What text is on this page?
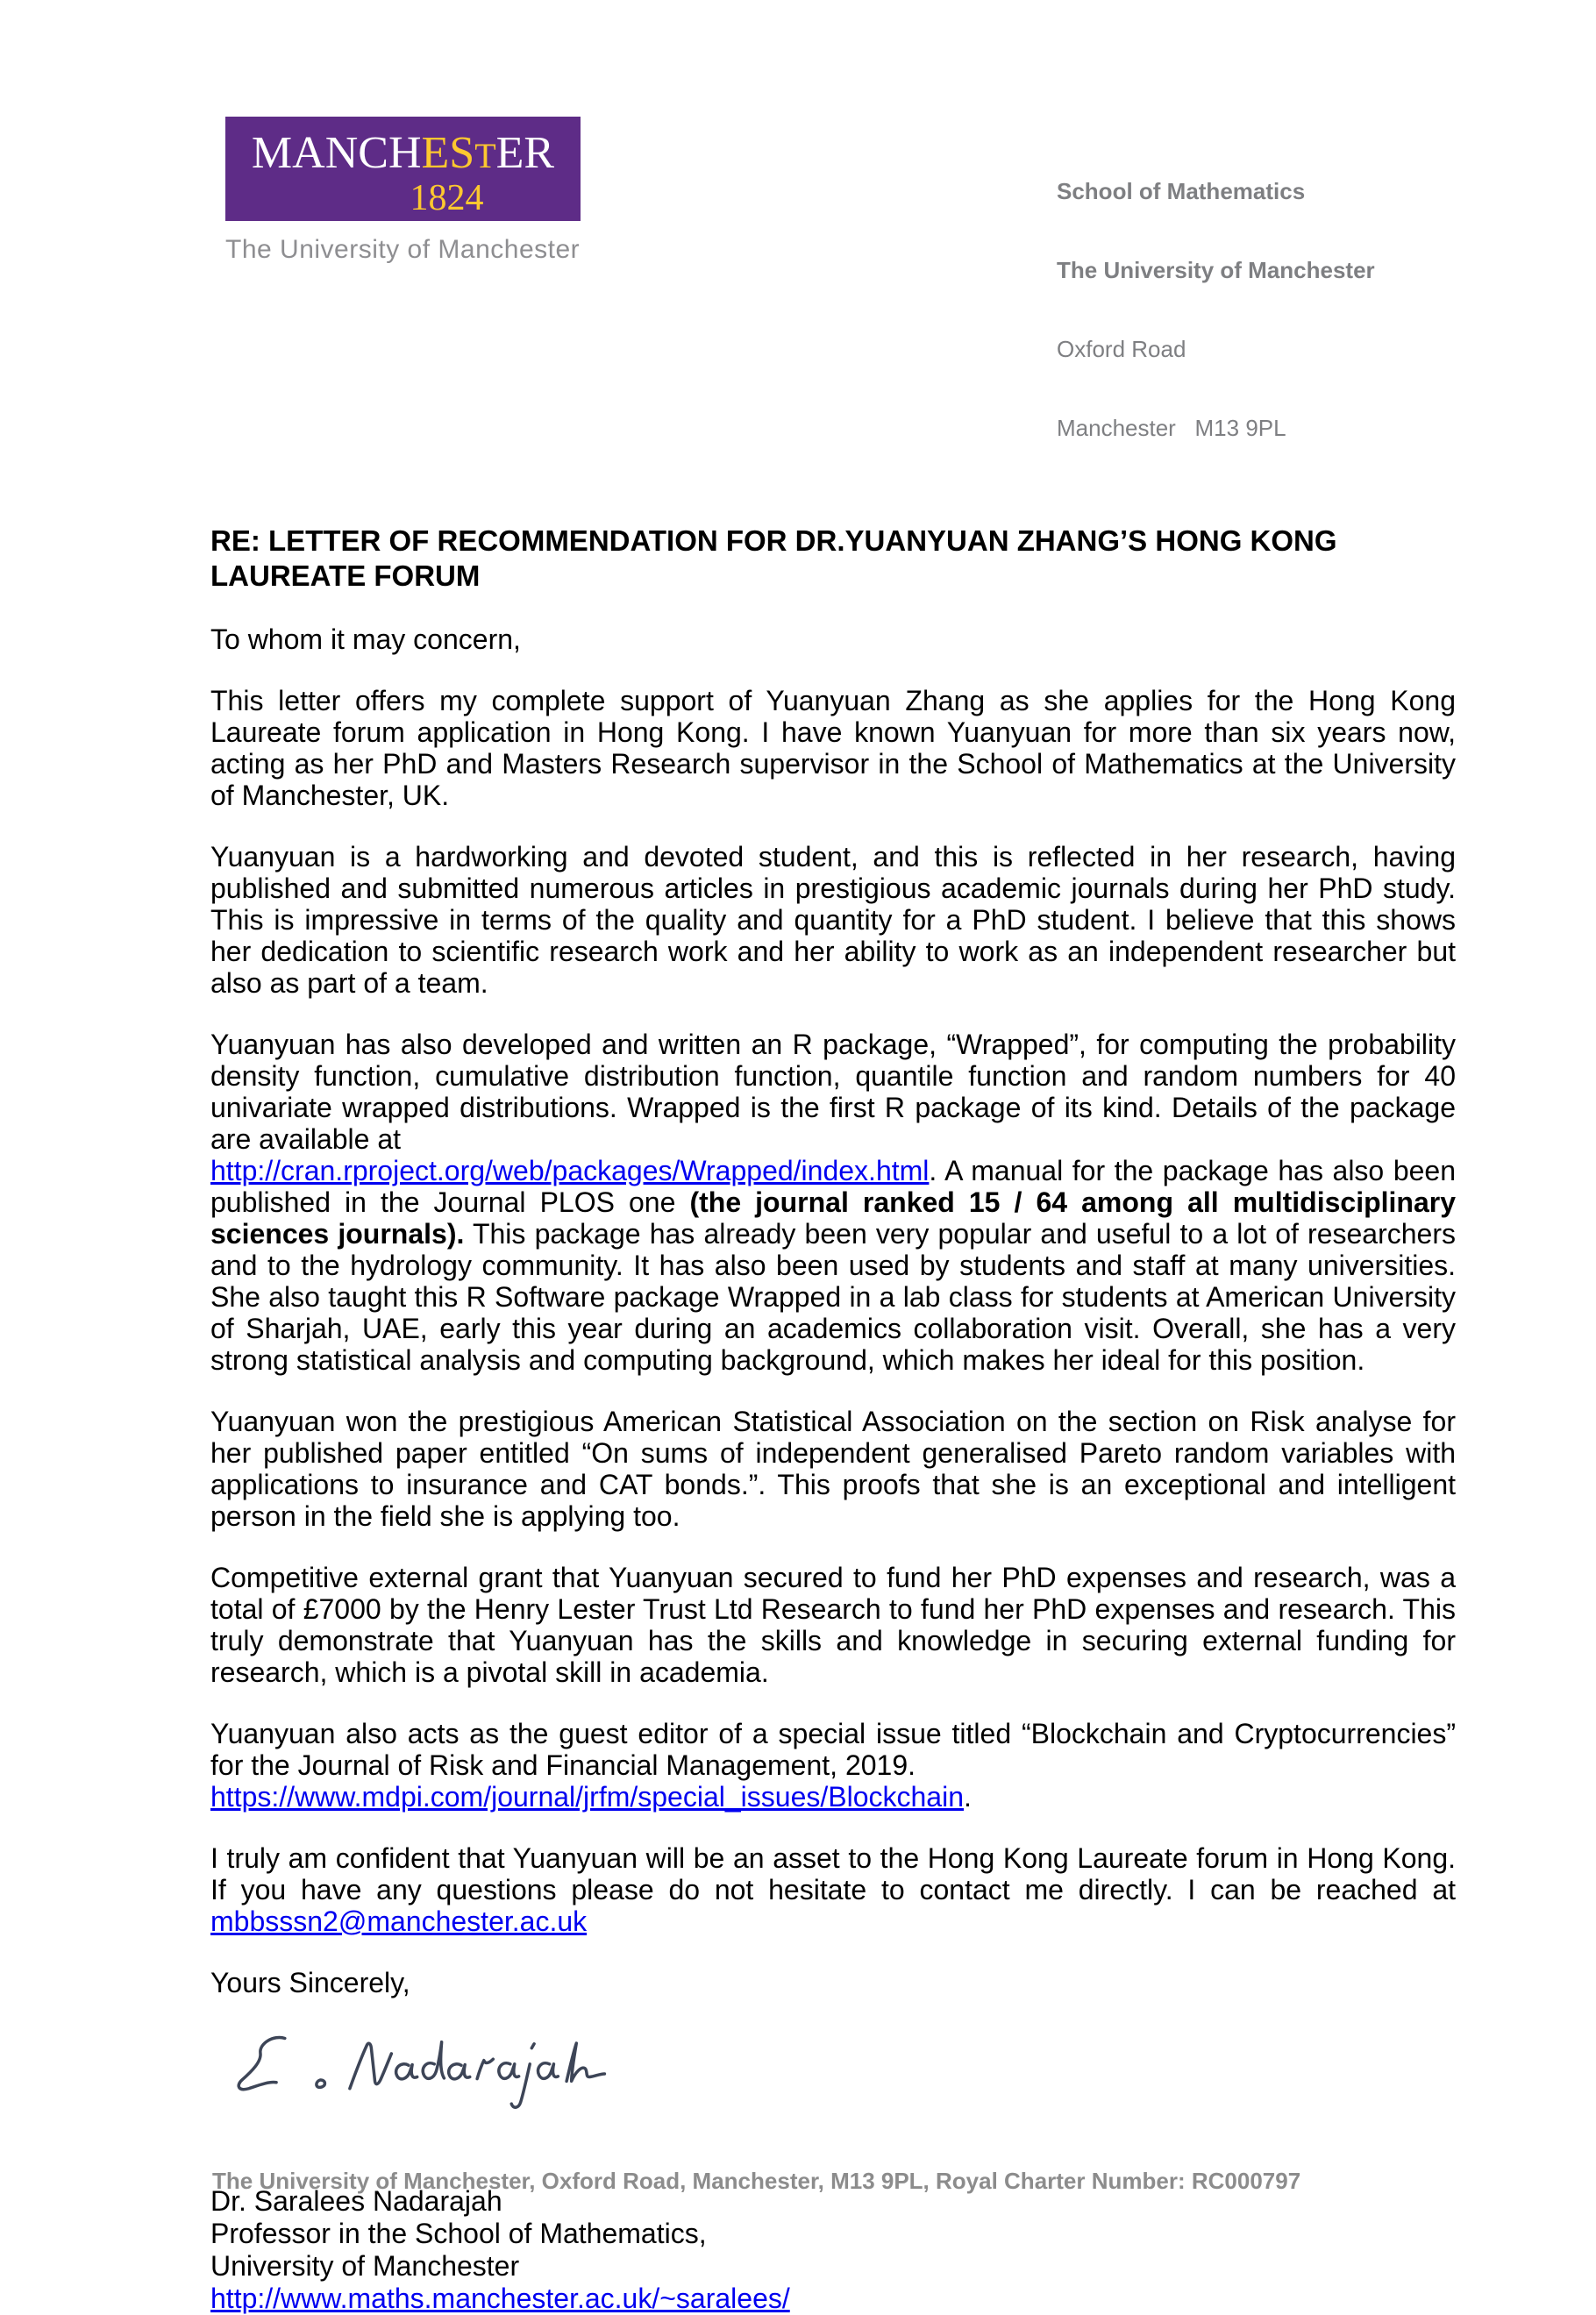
MANCHESTER
1824
The University of Manchester

School of Mathematics

The University of Manchester

Oxford Road

Manchester   M13 9PL

RE: LETTER OF RECOMMENDATION FOR DR.YUANYUAN ZHANG’S HONG KONG LAUREATE FORUM
To whom it may concern,

This letter offers my complete support of Yuanyuan Zhang as she applies for the Hong Kong Laureate forum application in Hong Kong. I have known Yuanyuan for more than six years now, acting as her PhD and Masters Research supervisor in the School of Mathematics at the University of Manchester, UK.

Yuanyuan is a hardworking and devoted student, and this is reflected in her research, having published and submitted numerous articles in prestigious academic journals during her PhD study. This is impressive in terms of the quality and quantity for a PhD student. I believe that this shows her dedication to scientific research work and her ability to work as an independent researcher but also as part of a team.

Yuanyuan has also developed and written an R package, “Wrapped”, for computing the probability density function, cumulative distribution function, quantile function and random numbers for 40 univariate wrapped distributions. Wrapped is the first R package of its kind. Details of the package are available at
http://cran.rproject.org/web/packages/Wrapped/index.html. A manual for the package has also been published in the Journal PLOS one (the journal ranked 15 / 64 among all multidisciplinary sciences journals). This package has already been very popular and useful to a lot of researchers and to the hydrology community. It has also been used by students and staff at many universities. She also taught this R Software package Wrapped in a lab class for students at American University of Sharjah, UAE, early this year during an academics collaboration visit. Overall, she has a very strong statistical analysis and computing background, which makes her ideal for this position.

Yuanyuan won the prestigious American Statistical Association on the section on Risk analyse for her published paper entitled “On sums of independent generalised Pareto random variables with applications to insurance and CAT bonds.”. This proofs that she is an exceptional and intelligent person in the field she is applying too.

Competitive external grant that Yuanyuan secured to fund her PhD expenses and research, was a total of £7000 by the Henry Lester Trust Ltd Research to fund her PhD expenses and research. This truly demonstrate that Yuanyuan has the skills and knowledge in securing external funding for research, which is a pivotal skill in academia.

Yuanyuan also acts as the guest editor of a special issue titled “Blockchain and Cryptocurrencies” for the Journal of Risk and Financial Management, 2019.
https://www.mdpi.com/journal/jrfm/special_issues/Blockchain.

I truly am confident that Yuanyuan will be an asset to the Hong Kong Laureate forum in Hong Kong. If you have any questions please do not hesitate to contact me directly. I can be reached at mbbsssn2@manchester.ac.uk

Yours Sincerely,
Dr. Saralees Nadarajah
Professor in the School of Mathematics,
University of Manchester
http://www.maths.manchester.ac.uk/~saralees/
The University of Manchester, Oxford Road, Manchester, M13 9PL, Royal Charter Number: RC000797
